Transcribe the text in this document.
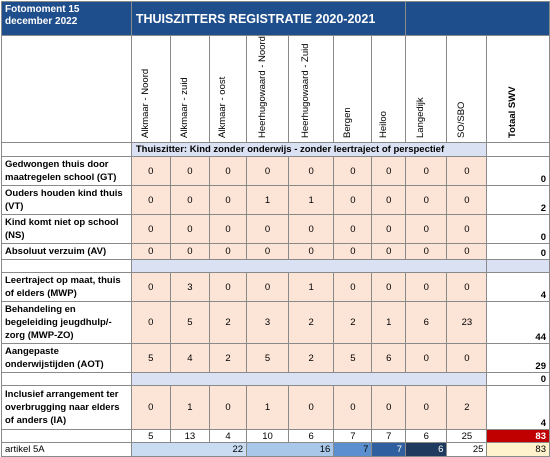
Fotomoment 15 december 2022	THUISZITTERS REGISTRATIE 2020-2021									

	Alkmaar - Noord	Alkmaar - zuid	Alkmaar - oost	Heerhugowaard - Noord	Heerhugowaard - Zuid	Bergen	Heiloo	Langedijk	SO/SBO	Totaal SWV

	Thuiszitter: Kind zonder onderwijs - zonder leertraject of perspectief									
Gedwongen thuis door maatregelen school (GT)	0	0	0	0	0	0	0	0	0	0
Ouders houden kind thuis (VT)	0	0	0	1	1	0	0	0	0	2
Kind komt niet op school (NS)	0	0	0	0	0	0	0	0	0	0
Absoluut verzuim (AV)	0	0	0	0	0	0	0	0	0	0

Leertraject op maat, thuis of elders (MWP)	0	3	0	0	1	0	0	0	0	4
Behandeling en begeleiding jeugdhulp/-zorg (MWP-ZO)	0	5	2	3	2	2	1	6	23	44
Aangepaste onderwijstijden (AOT)	5	4	2	5	2	5	6	0	0	29
										0
Inclusief arrangement ter overbrugging naar elders of anders (IA)	0	1	0	1	0	0	0	0	2	4
	5	13	4	10	6	7	7	6	25	83
artikel 5A	22			16		7	7	6	25	83
